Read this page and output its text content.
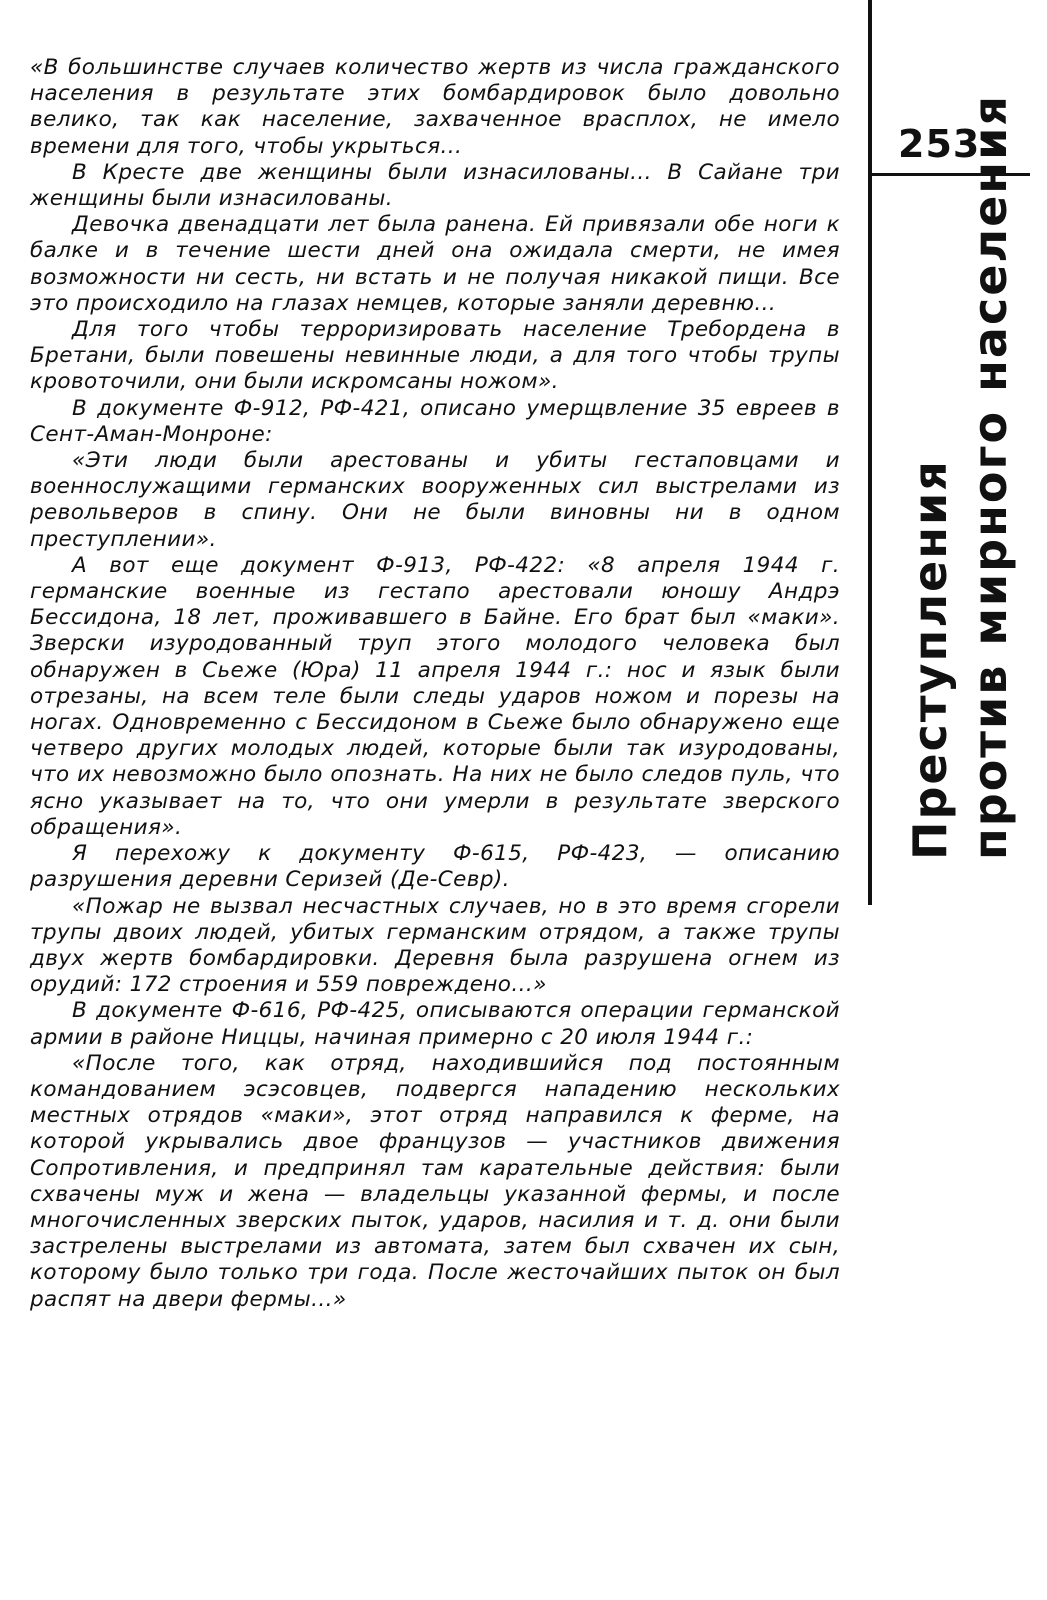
253
Преступления против мирного населения

«В большинстве случаев количество жертв из числа гражданского населения в результате этих бомбардировок было довольно велико, так как население, захваченное врасплох, не имело времени для того, чтобы укрыться...

В Кресте две женщины были изнасилованы... В Сайане три женщины были изнасилованы.

Девочка двенадцати лет была ранена. Ей привязали обе ноги к балке и в течение шести дней она ожидала смерти, не имея возможности ни сесть, ни встать и не получая никакой пищи. Все это происходило на глазах немцев, которые заняли деревню...

Для того чтобы терроризировать население Требордена в Бретани, были повешены невинные люди, а для того чтобы трупы кровоточили, они были искромсаны ножом».

В документе Ф-912, РФ-421, описано умерщвление 35 евреев в Сент-Аман-Монроне:

«Эти люди были арестованы и убиты гестаповцами и военнослужащими германских вооруженных сил выстрелами из револьверов в спину. Они не были виновны ни в одном преступлении».

А вот еще документ Ф-913, РФ-422: «8 апреля 1944 г. германские военные из гестапо арестовали юношу Андрэ Бессидона, 18 лет, проживавшего в Байне. Его брат был «маки». Зверски изуродованный труп этого молодого человека был обнаружен в Сьеже (Юра) 11 апреля 1944 г.: нос и язык были отрезаны, на всем теле были следы ударов ножом и порезы на ногах. Одновременно с Бессидоном в Сьеже было обнаружено еще четверо других молодых людей, которые были так изуродованы, что их невозможно было опознать. На них не было следов пуль, что ясно указывает на то, что они умерли в результате зверского обращения».

Я перехожу к документу Ф-615, РФ-423, — описанию разрушения деревни Серизей (Де-Севр).

«Пожар не вызвал несчастных случаев, но в это время сгорели трупы двоих людей, убитых германским отрядом, а также трупы двух жертв бомбардировки. Деревня была разрушена огнем из орудий: 172 строения и 559 повреждено...»

В документе Ф-616, РФ-425, описываются операции германской армии в районе Ниццы, начиная примерно с 20 июля 1944 г.:

«После того, как отряд, находившийся под постоянным командованием эсэсовцев, подвергся нападению нескольких местных отрядов «маки», этот отряд направился к ферме, на которой укрывались двое французов — участников движения Сопротивления, и предпринял там карательные действия: были схвачены муж и жена — владельцы указанной фермы, и после многочисленных зверских пыток, ударов, насилия и т. д. они были застрелены выстрелами из автомата, затем был схвачен их сын, которому было только три года. После жесточайших пыток он был распят на двери фермы...»
